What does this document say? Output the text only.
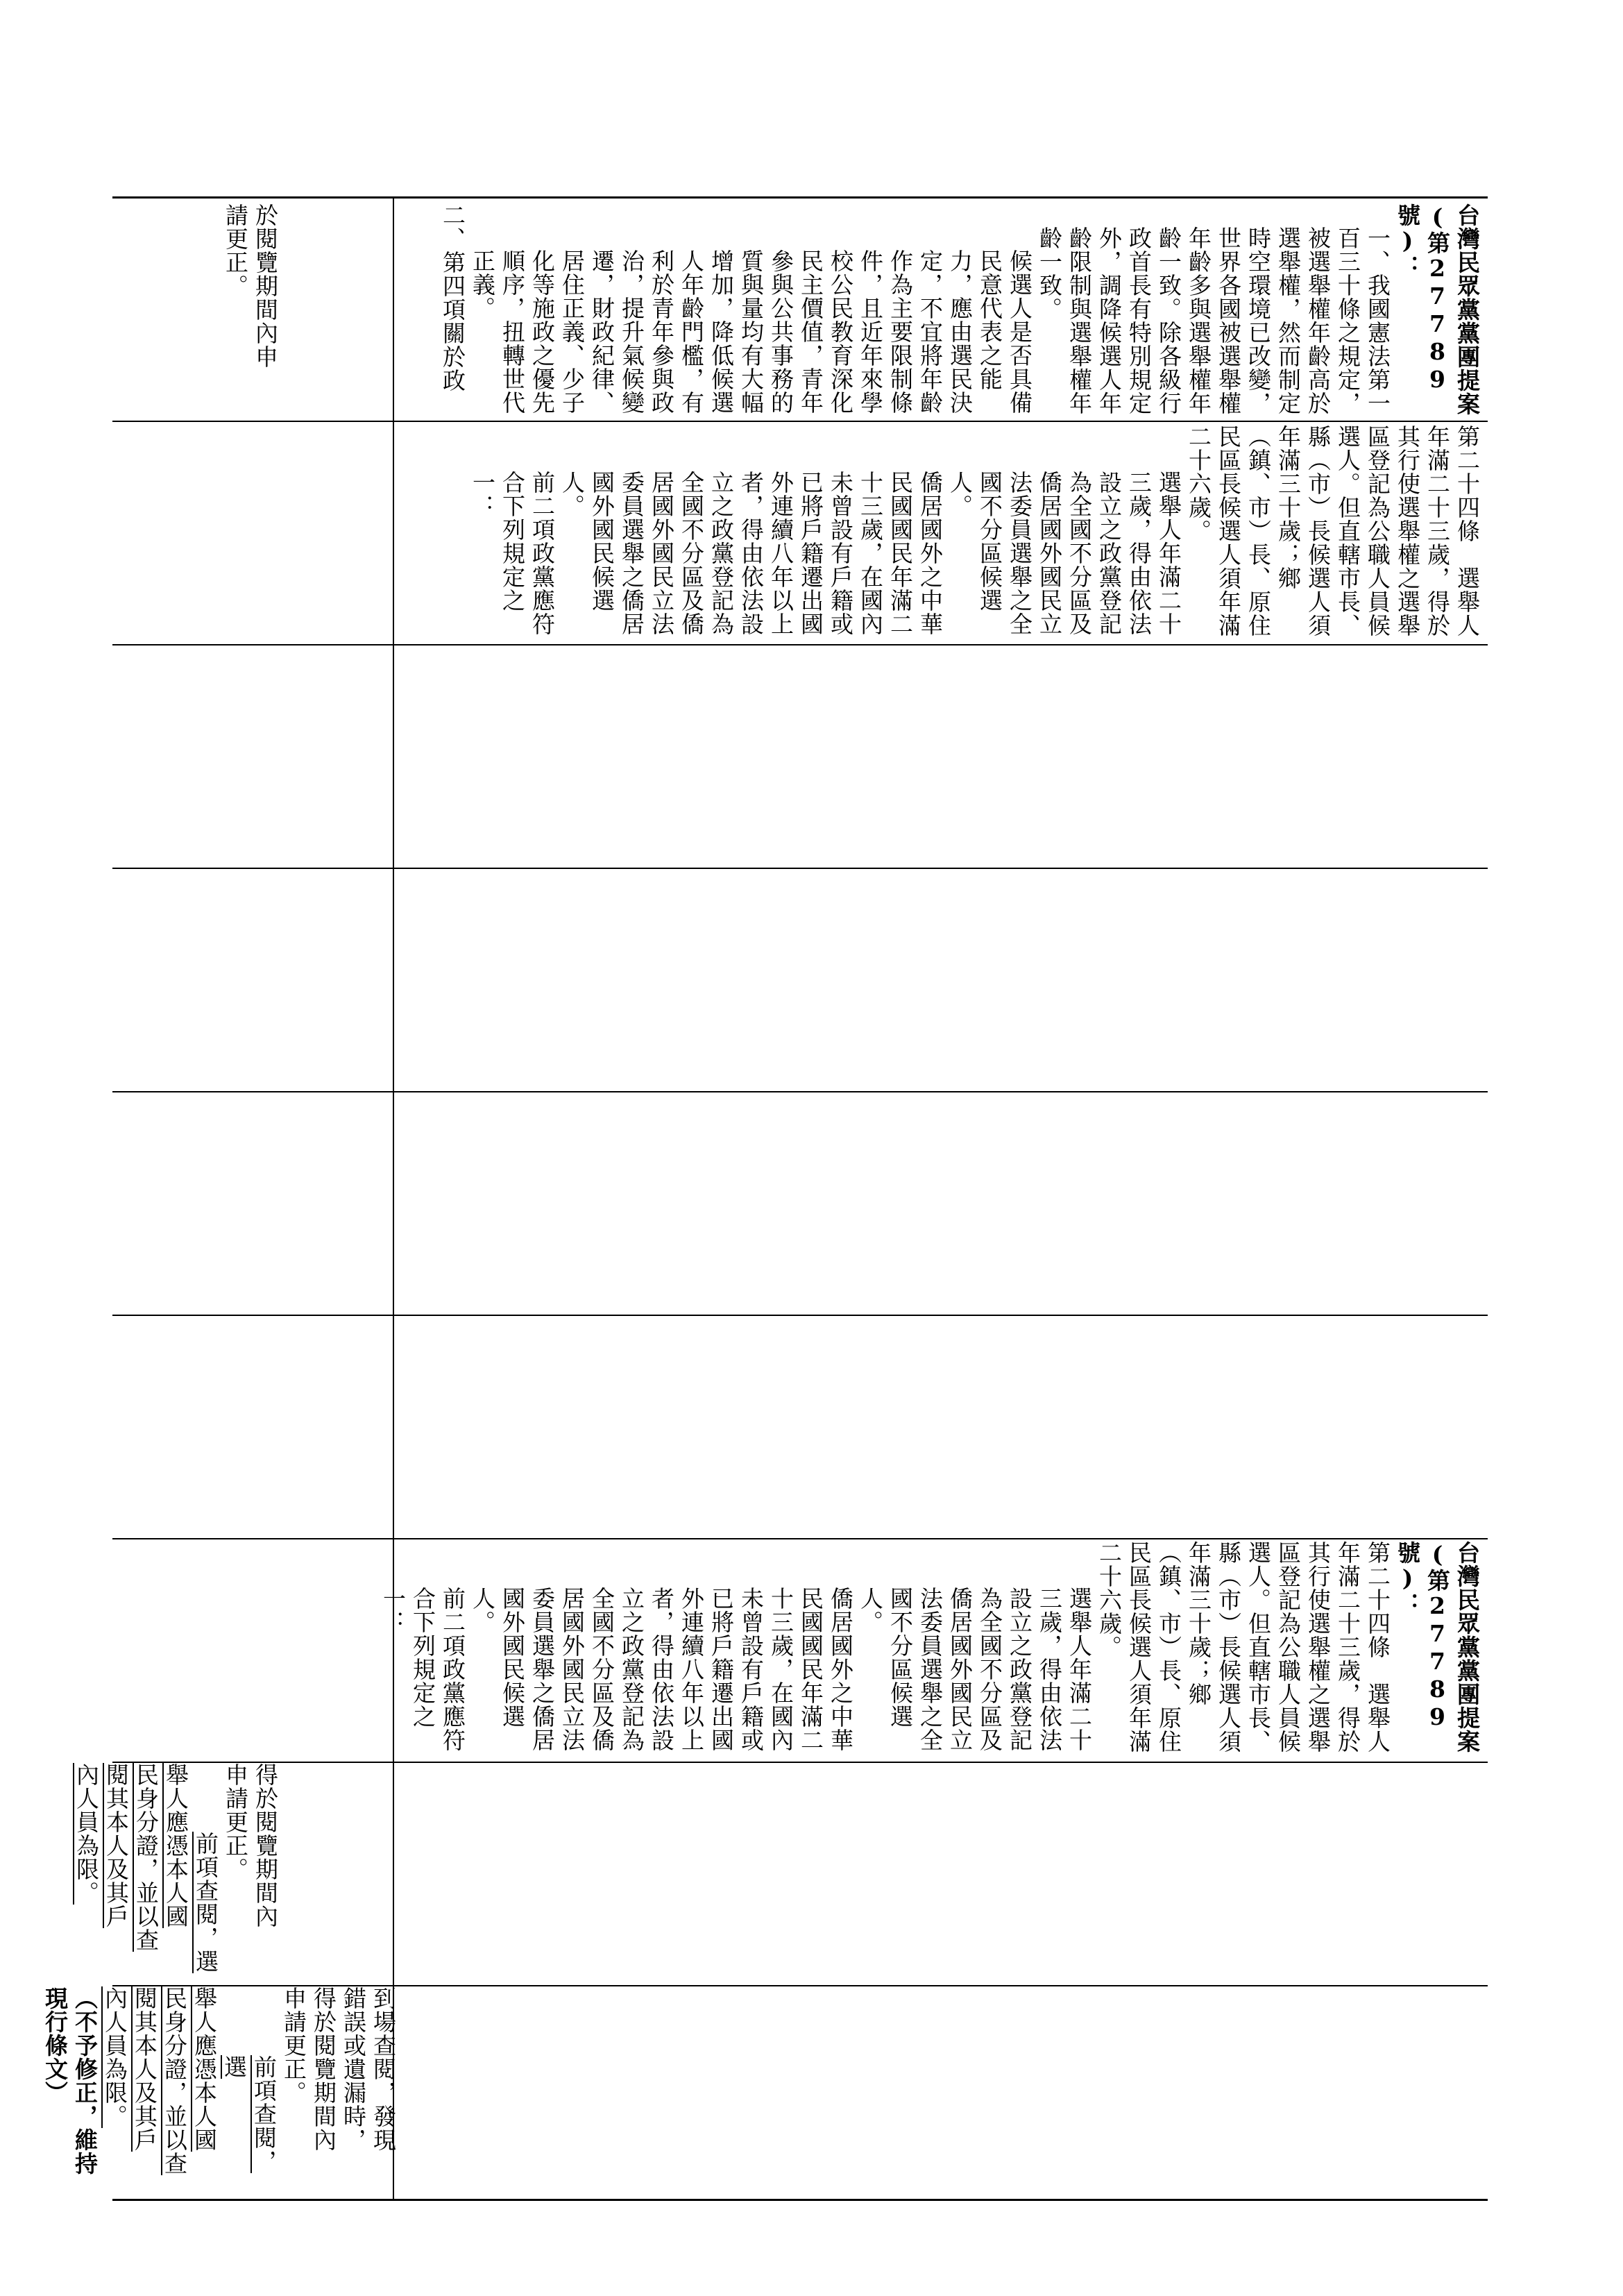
於閱覽期間內申

請更正。	台灣民眾黨黨團提案(第27789號)：

一、我國憲法第一百三十條之規定，被選舉權年齡高於選舉權，然而制定時空環境已改變，世界各國被選舉權年齡多與選舉權年齡一致。除各級行政首長有特別規定外，調降候選人年齡限制與選舉權年齡一致。

候選人是否具備民意代表之能力，應由選民決定，不宜將年齡作為主要限制條件，且近年來學校公民教育深化民主價值，青年參與公共事務的質與量均有大幅增加，降低候選人年齡門檻，有利於青年參與政治，提升氣候變遷，財政紀律、居住正義、少子化等施政之優先順序，扭轉世代正義。

二、第四項關於政

第二十四條　選舉人年滿二十三歲，得於其行使選舉權之選舉區登記為公職人員候選人。但直轄市長、縣（市）長候選人須年滿三十歲；鄉（鎮、市）長、原住民區長候選人須年滿二十六歲。

選舉人年滿二十三歲，得由依法設立之政黨登記為全國不分區及僑居國外國民立法委員選舉之全國不分區候選人。

僑居國外之中華民國國民年滿二十三歲，在國內未曾設有戶籍或已將戶籍遷出國外連續八年以上者，得由依法設立之政黨登記為全國不分區及僑居國外國民立法委員選舉之僑居國外國民候選人。

前二項政黨應符合下列規定之一：

得於閱覽期間內

申請更正。

前項查閱，選

舉人應憑本人國

民身分證，並以查

閱其本人及其戶

內人員為限。

台灣民眾黨黨團提案(第27789號)：

第二十四條　選舉人年滿二十三歲，得於其行使選舉權之選舉區登記為公職人員候選人。但直轄市長、縣（市）長候選人須年滿三十歲；鄉（鎮、市）長、原住民區長候選人須年滿二十六歲。

選舉人年滿二十三歲，得由依法設立之政黨登記為全國不分區及僑居國外國民立法委員選舉之全國不分區候選人。

僑居國外之中華民國國民年滿二十三歲，在國內未曾設有戶籍或已將戶籍遷出國外連續八年以上者，得由依法設立之政黨登記為全國不分區及僑居國外國民立法委員選舉之僑居國外國民候選人。

前二項政黨應符合下列規定之一：

到場查閱，發現

錯誤或遺漏時，

得於閱覽期間內

申請更正。

前項查閱，選

舉人應憑本人國

民身分證，並以查

閱其本人及其戶

內人員為限。

（不予修正，維持現行條文）
